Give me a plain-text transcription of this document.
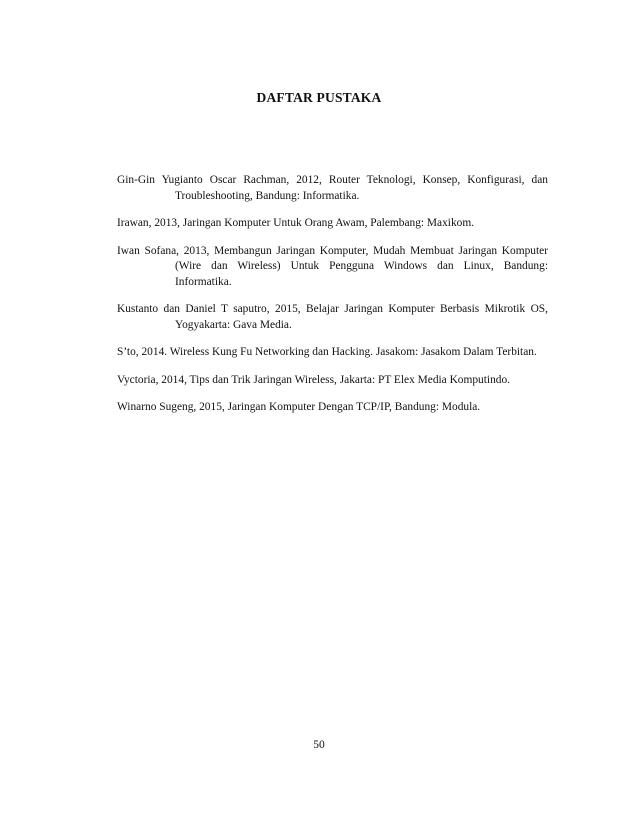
DAFTAR PUSTAKA
Gin-Gin Yugianto Oscar Rachman, 2012, Router Teknologi, Konsep, Konfigurasi, dan Troubleshooting, Bandung: Informatika.
Irawan, 2013, Jaringan Komputer Untuk Orang Awam, Palembang: Maxikom.
Iwan Sofana, 2013, Membangun Jaringan Komputer, Mudah Membuat Jaringan Komputer (Wire dan Wireless) Untuk Pengguna Windows dan Linux, Bandung: Informatika.
Kustanto dan Daniel T saputro, 2015, Belajar Jaringan Komputer Berbasis Mikrotik OS, Yogyakarta: Gava Media.
S’to, 2014. Wireless Kung Fu Networking dan Hacking. Jasakom: Jasakom Dalam Terbitan.
Vyctoria, 2014, Tips dan Trik Jaringan Wireless, Jakarta: PT Elex Media Komputindo.
Winarno Sugeng, 2015, Jaringan Komputer Dengan TCP/IP, Bandung: Modula.
50
